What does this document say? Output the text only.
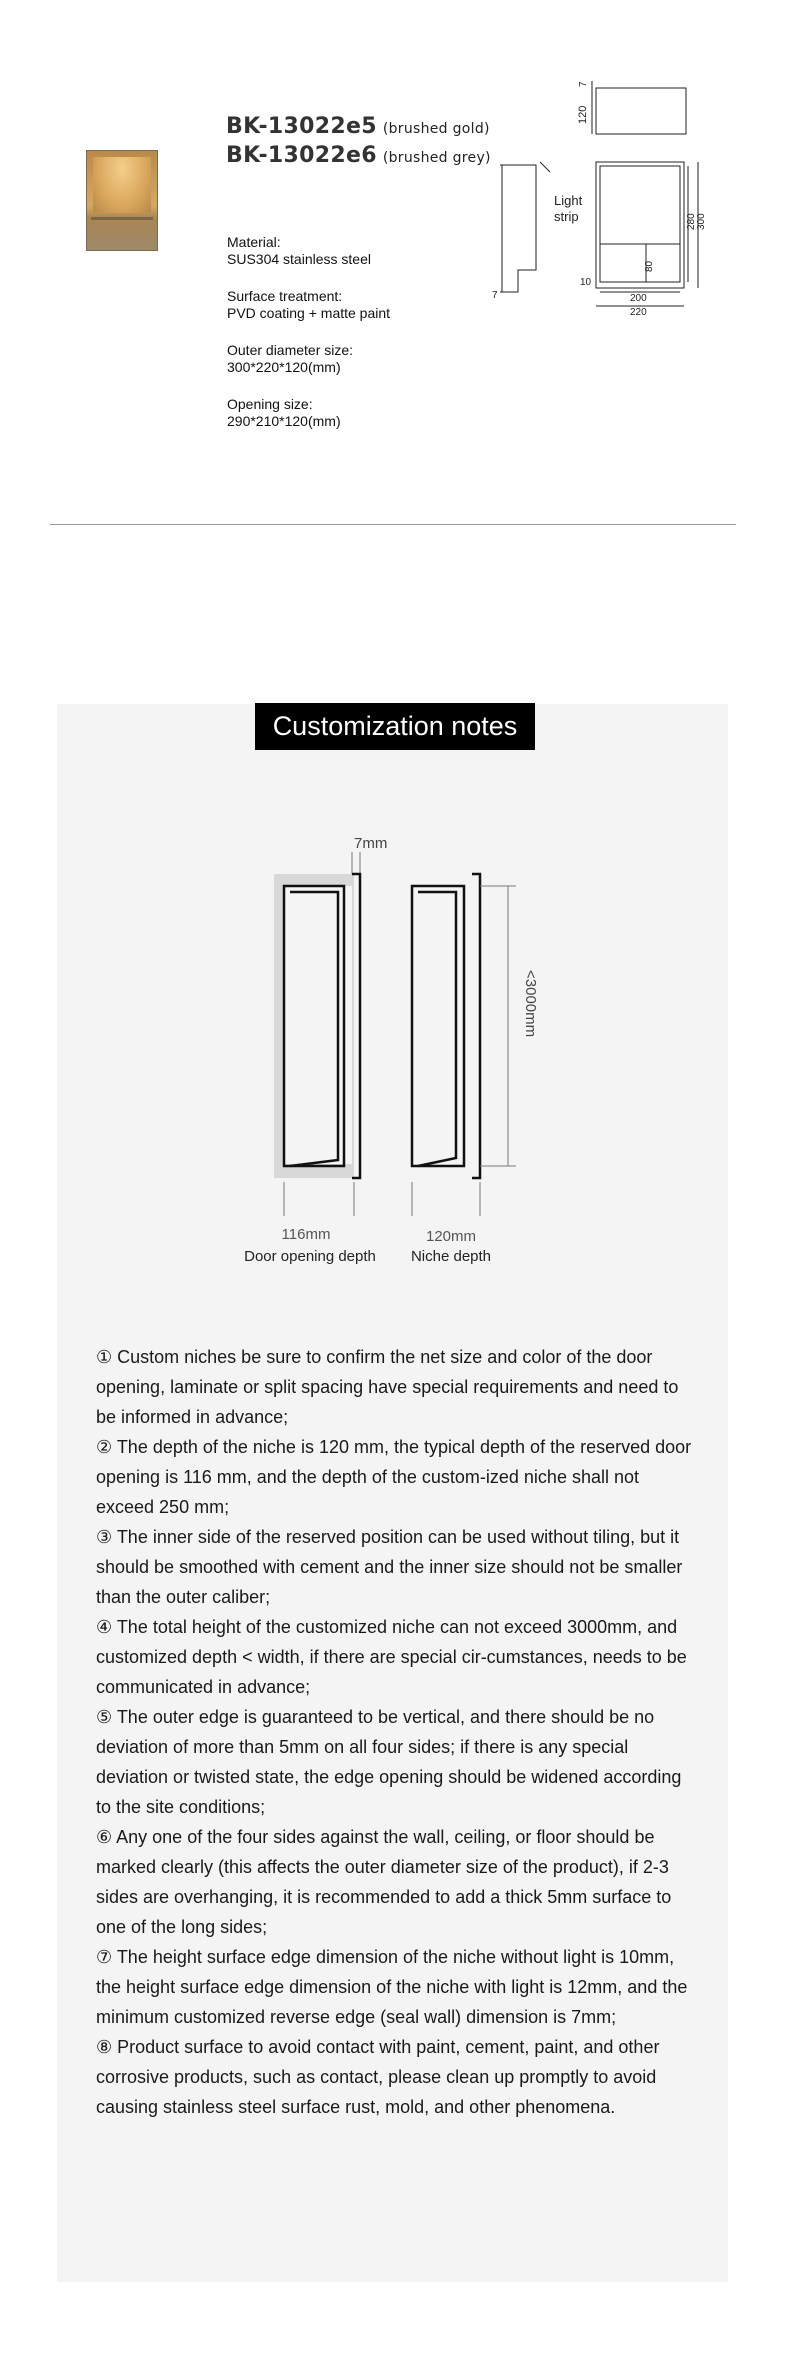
BK-13022e5 (brushed gold)
BK-13022e6 (brushed grey)
Material:
SUS304 stainless steel
Surface treatment:
PVD coating + matte paint
Outer diameter size:
300*220*120(mm)
Opening size:
290*210*120(mm)
120
7
Light
strip
7
280 300
80
10
200
220
Customization notes
7mm
<3000mm
116mm
Door opening depth
120mm
Niche depth

① Custom niches be sure to confirm the net size and color of the door opening, laminate or split spacing have special requirements and need to be informed in advance;

② The depth of the niche is 120 mm, the typical depth of the reserved door opening is 116 mm, and the depth of the custom-ized niche shall not exceed 250 mm;

③ The inner side of the reserved position can be used without tiling, but it should be smoothed with cement and the inner size should not be smaller than the outer caliber;

④ The total height of the customized niche can not exceed 3000mm, and customized depth < width, if there are special cir-cumstances, needs to be communicated in advance;

⑤ The outer edge is guaranteed to be vertical, and there should be no deviation of more than 5mm on all four sides; if there is any special deviation or twisted state, the edge opening should be widened according to the site conditions;

⑥ Any one of the four sides against the wall, ceiling, or floor should be marked clearly (this affects the outer diameter size of the product), if 2-3 sides are overhanging, it is recommended to add a thick 5mm surface to one of the long sides;

⑦ The height surface edge dimension of the niche without light is 10mm, the height surface edge dimension of the niche with light is 12mm, and the minimum customized reverse edge (seal wall) dimension is 7mm;

⑧ Product surface to avoid contact with paint, cement, paint, and other corrosive products, such as contact, please clean up promptly to avoid causing stainless steel surface rust, mold, and other phenomena.
